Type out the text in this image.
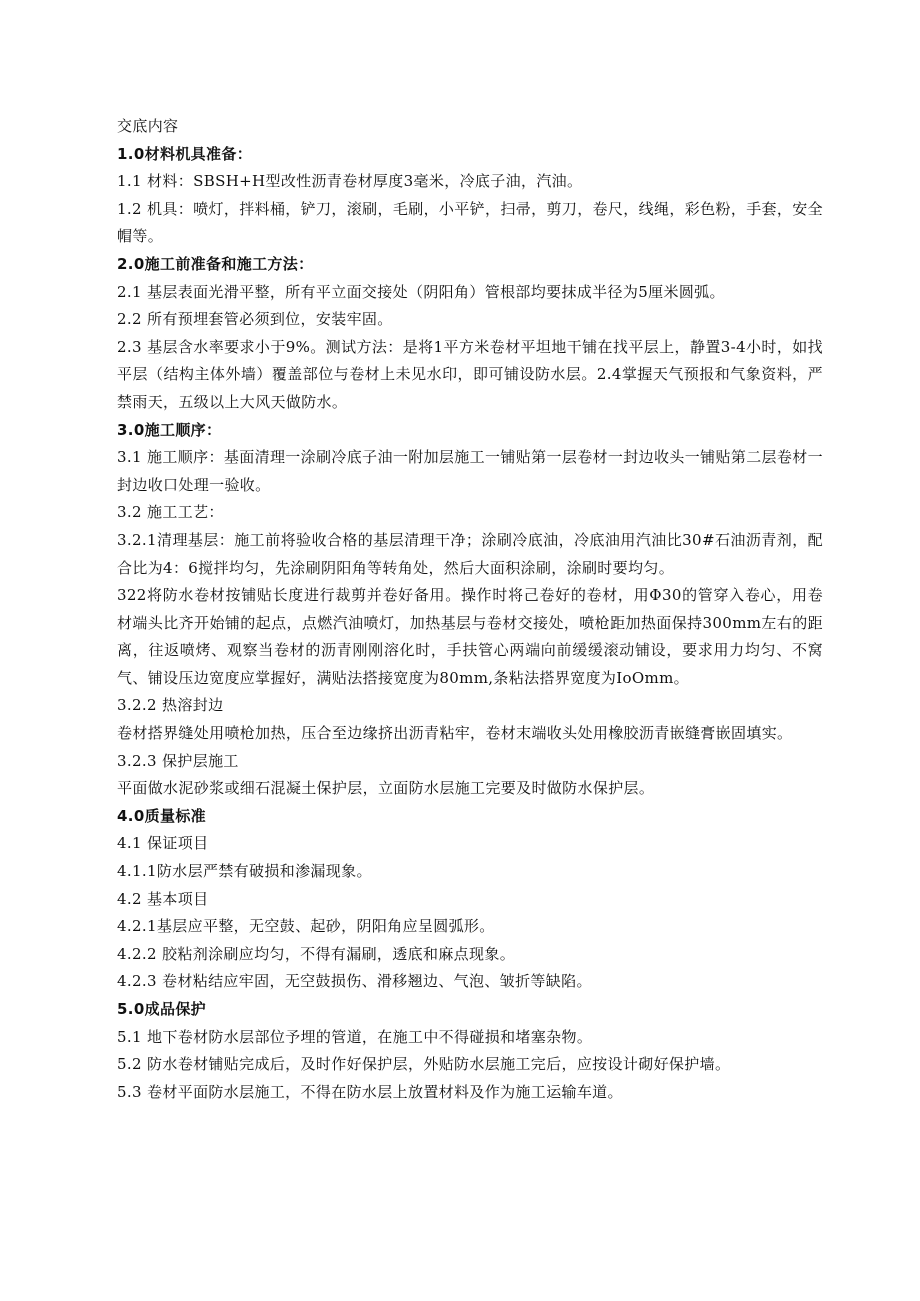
交底内容
1.0材料机具准备：
1.1 材料：SBSH+H型改性沥青卷材厚度3毫米，冷底子油，汽油。
1.2 机具：喷灯，拌料桶，铲刀，滚刷，毛刷，小平铲，扫帚，剪刀，卷尺，线绳，彩色粉，手套，安全帽等。
2.0施工前准备和施工方法：
2.1 基层表面光滑平整，所有平立面交接处（阴阳角）管根部均要抹成半径为5厘米圆弧。
2.2 所有预埋套管必须到位，安装牢固。
2.3 基层含水率要求小于9%。测试方法：是将1平方米卷材平坦地干铺在找平层上，静置3-4小时，如找平层（结构主体外墙）覆盖部位与卷材上未见水印，即可铺设防水层。2.4掌握天气预报和气象资料，严禁雨天，五级以上大风天做防水。
3.0施工顺序：
3.1 施工顺序：基面清理一涂刷冷底子油一附加层施工一铺贴第一层卷材一封边收头一铺贴第二层卷材一封边收口处理一验收。
3.2 施工工艺：
3.2.1清理基层：施工前将验收合格的基层清理干净；涂刷冷底油，冷底油用汽油比30#石油沥青剂，配合比为4：6搅拌均匀，先涂刷阴阳角等转角处，然后大面积涂刷，涂刷时要均匀。
322将防水卷材按铺贴长度进行裁剪并卷好备用。操作时将己卷好的卷材，用Φ30的管穿入卷心，用卷材端头比齐开始铺的起点，点燃汽油喷灯，加热基层与卷材交接处，喷枪距加热面保持300mm左右的距离，往返喷烤、观察当卷材的沥青刚刚溶化时，手扶管心两端向前缓缓滚动铺设，要求用力均匀、不窝气、铺设压边宽度应掌握好，满贴法搭接宽度为80mm,条粘法搭界宽度为IoOmm。
3.2.2 热溶封边
卷材搭界缝处用喷枪加热，压合至边缘挤出沥青粘牢，卷材末端收头处用橡胶沥青嵌缝膏嵌固填实。
3.2.3 保护层施工
平面做水泥砂浆或细石混凝土保护层，立面防水层施工完要及时做防水保护层。
4.0质量标准
4.1 保证项目
4.1.1防水层严禁有破损和渗漏现象。
4.2 基本项目
4.2.1基层应平整，无空鼓、起砂，阴阳角应呈圆弧形。
4.2.2 胶粘剂涂刷应均匀，不得有漏刷，透底和麻点现象。
4.2.3 卷材粘结应牢固，无空鼓损伤、滑移翘边、气泡、皱折等缺陷。
5.0成品保护
5.1 地下卷材防水层部位予埋的管道，在施工中不得碰损和堵塞杂物。
5.2 防水卷材铺贴完成后，及时作好保护层，外贴防水层施工完后，应按设计砌好保护墙。
5.3 卷材平面防水层施工，不得在防水层上放置材料及作为施工运输车道。
